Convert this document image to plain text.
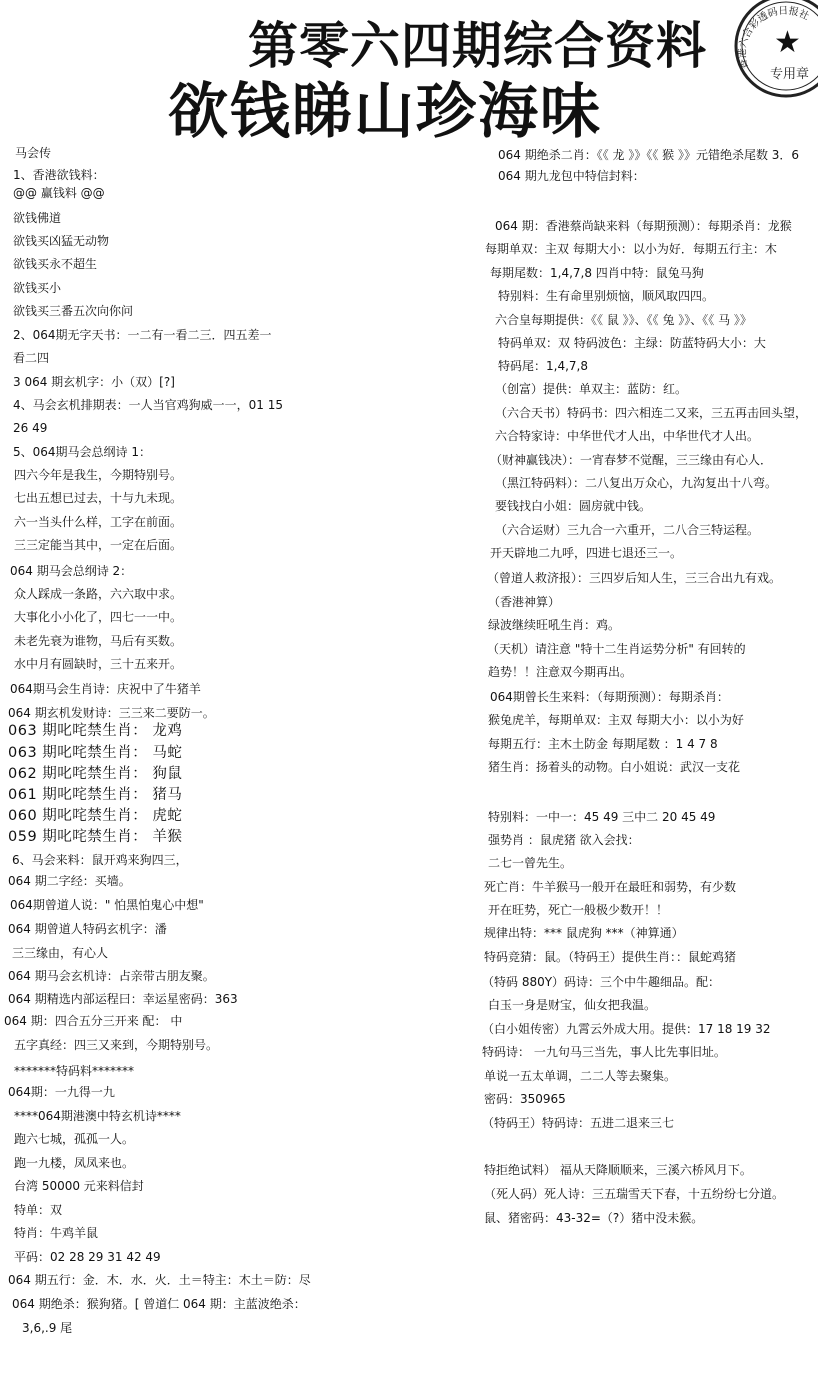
第零六四期综合资料
欲钱睇山珍海味
香港六合彩透码日报社
★
专用章
马会传
1、香港欲钱料：
@@ 赢钱料 @@
欲钱佛道
欲钱买凶猛无动物
欲钱买永不超生
欲钱买小
欲钱买三番五次向你问
2、064期无字天书：一二有一看二三．四五差一
看二四
3 064 期玄机字：小（双）[?]
4、马会玄机排期表：一人当官鸡狗威一一，01 15
26 49
5、064期马会总纲诗 1：
四六今年是我生，今期特别号。
七出五想已过去，十与九未现。
六一当头什么样，工字在前面。
三三定能当其中，一定在后面。
064 期马会总纲诗 2：
众人踩成一条路，六六取中求。
大事化小小化了，四七一一中。
未老先衰为谁物，马后有买数。
水中月有圆缺时，三十五来开。
064期马会生肖诗：庆祝中了牛猪羊
064 期玄机发财诗：三三来二要防一。
063 期叱咤禁生肖： 龙鸡
063 期叱咤禁生肖： 马蛇
062 期叱咤禁生肖： 狗鼠
061 期叱咤禁生肖： 猪马
060 期叱咤禁生肖： 虎蛇
059 期叱咤禁生肖： 羊猴
6、马会来料：鼠开鸡来狗四三，
064 期二字经：买墙。
064期曾道人说：" 怕黑怕鬼心中想"
064 期曾道人特码玄机字：潘
三三缘由，有心人
064 期马会玄机诗：占亲带古朋友聚。
064 期精选内部运程曰：幸运星密码：363
064 期：四合五分三开来 配： 中
五字真经：四三又来到，今期特别号。
*******特码料*******
064期：一九得一九
****064期港澳中特玄机诗****
跑六七城，孤孤一人。
跑一九楼，凤凤来也。
台湾 50000 元来料信封
特单：双
特肖：牛鸡羊鼠
平码：02 28 29 31 42 49
064 期五行：金．木．水．火．土＝特主：木土＝防：尽
064 期绝杀：猴狗猪。[ 曾道仁 064 期：主蓝波绝杀：
3,6,.9 尾
064 期绝杀二肖：《《 龙 》》《《 猴 》》元错绝杀尾数 3．6
064 期九龙包中特信封料：
064 期：香港蔡尚缺来料（每期预测）：每期杀肖：龙猴
每期单双：主双 每期大小：以小为好．每期五行主：木
每期尾数：1,4,7,8 四肖中特：鼠兔马狗
特别料：生有命里别烦恼，顺风取四四。
六合皇每期提供：《《 鼠 》》、《《 兔 》》、《《 马 》》
特码单双：双 特码波色：主绿：防蓝特码大小：大
特码尾：1,4,7,8
（创富）提供：单双主：蓝防：红。
（六合天书）特码书：四六相连二又来，三五再击回头望，
六合特家诗：中华世代才人出，中华世代才人出。
（财神赢钱决）：一宵春梦不觉醒，三三缘由有心人．
（黑江特码料）：二八复出万众心，九沟复出十八弯。
要钱找白小姐：圆房就中钱。
（六合运财）三九合一六重开，二八合三特运程。
开天辟地二九呼，四进七退还三一。
（曾道人救济报）：三四岁后知人生，三三合出九有戏。
（香港神算）
绿波继续旺吼生肖：鸡。
（天机）请注意 "特十二生肖运势分析" 有回转的
趋势！！注意双今期再出。
064期曾长生来料：（每期预测）：每期杀肖：
猴兔虎羊，每期单双：主双 每期大小：以小为好
每期五行：主木土防金 每期尾数 ：1 4 7 8
猪生肖：扬着头的动物。白小姐说：武汉一支花
特别料：一中一：45 49 三中二 20 45 49
强势肖 ：鼠虎猪 欲入会找：
二七一曾先生。
死亡肖：牛羊猴马一般开在最旺和弱势，有少数
开在旺势，死亡一般极少数开！！
规律出特：*** 鼠虎狗 ***（神算通）
特码竞猜：鼠。（特码王）提供生肖：：鼠蛇鸡猪
（特码 880Y）码诗：三个中牛趣细品。配：
白玉一身是财宝，仙女把我温。
（白小姐传密）九霄云外成大用。提供：17 18 19 32
特码诗： 一九句马三当先，事人比先事旧址。
单说一五太单调，二二人等去聚集。
密码：350965
（特码王）特码诗：五进二退来三七
特拒绝试料） 福从天降顺顺来，三溪六桥风月下。
（死人码）死人诗：三五瑞雪天下春，十五纷纷七分道。
鼠、猪密码：43-32=（?）猪中没未猴。
